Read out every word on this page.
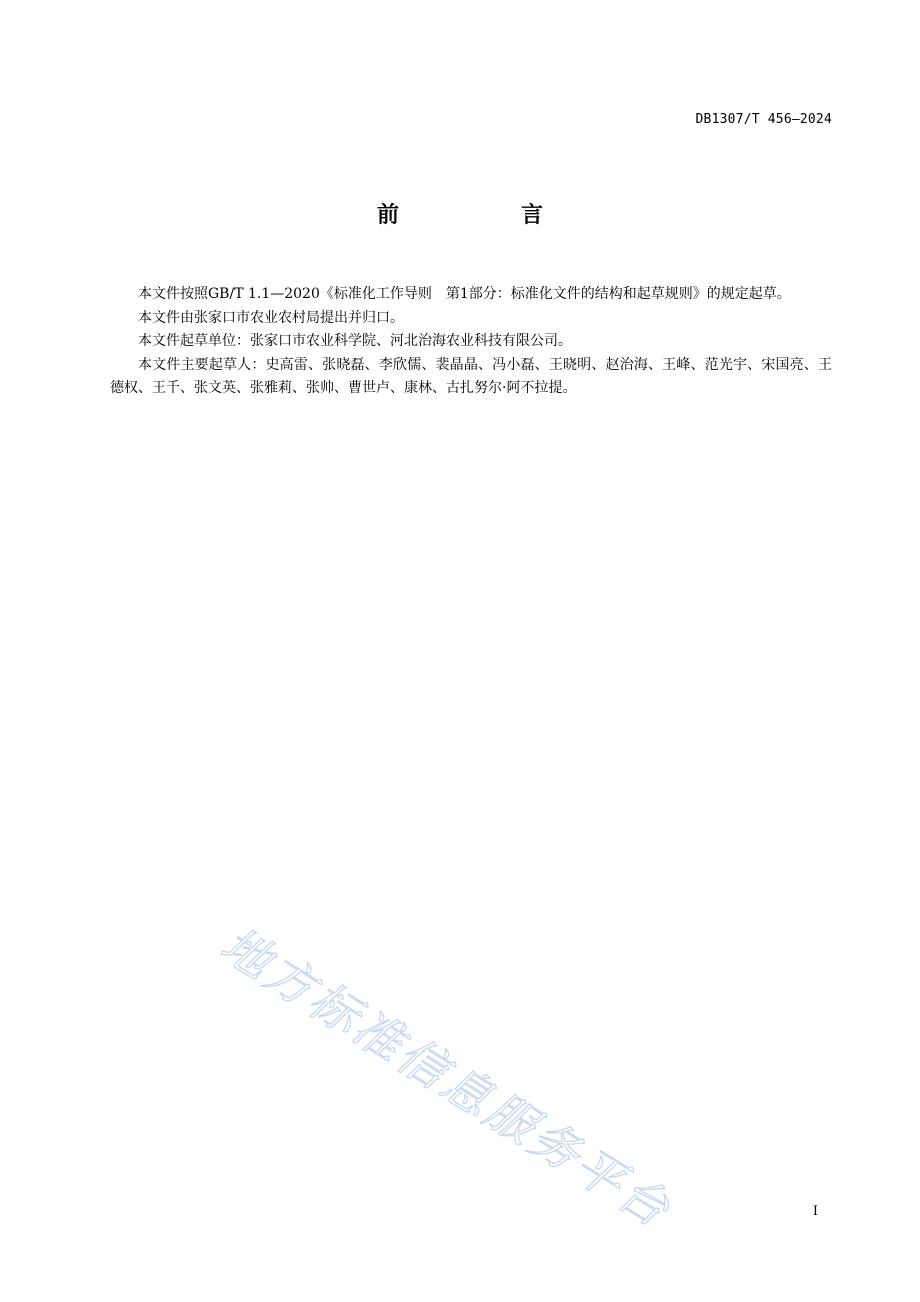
DB1307/T 456—2024
前　言

本文件按照GB/T 1.1—2020《标准化工作导则　第1部分：标准化文件的结构和起草规则》的规定起草。

本文件由张家口市农业农村局提出并归口。

本文件起草单位：张家口市农业科学院、河北治海农业科技有限公司。

本文件主要起草人：史高雷、张晓磊、李欣儒、裴晶晶、冯小磊、王晓明、赵治海、王峰、范光宇、宋国亮、王德权、王千、张文英、张雅莉、张帅、曹世卢、康林、古扎努尔·阿不拉提。

地方标准信息服务平台	I
